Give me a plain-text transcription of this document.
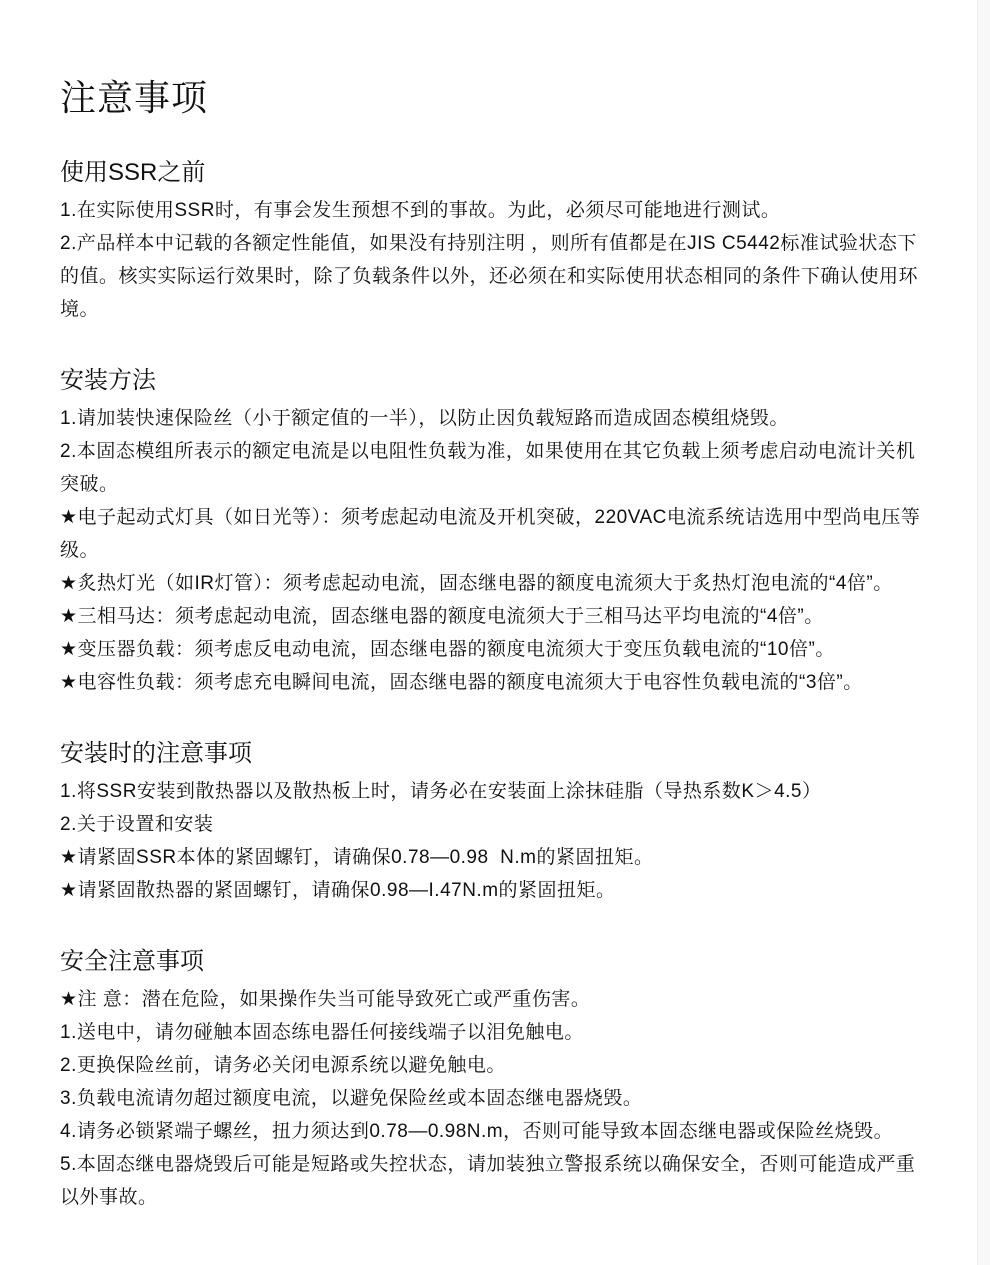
注意事项
使用SSR之前

1.在实际使用SSR时，有事会发生预想不到的事故。为此，必须尽可能地进行测试。

2.产品样本中记载的各额定性能值，如果没有持别注明 ，则所有值都是在JIS C5442标准试验状态下的值。核实实际运行效果时，除了负载条件以外，还必须在和实际使用状态相同的条件下确认使用环境。

安装方法

1.请加装快速保险丝（小于额定值的一半），以防止因负载短路而造成固态模组烧毁。

2.本固态模组所表示的额定电流是以电阻性负载为准，如果使用在其它负载上须考虑启动电流计关机突破。

★电子起动式灯具（如日光等）：须考虑起动电流及开机突破，220VAC电流系统诘选用中型尚电压等级。

★炙热灯光（如IR灯管）：须考虑起动电流，固态继电器的额度电流须大于炙热灯泡电流的“4倍”。

★三相马达：须考虑起动电流，固态继电器的额度电流须大于三相马达平均电流的“4倍”。

★变压器负载：须考虑反电动电流，固态继电器的额度电流须大于变压负载电流的“10倍”。

★电容性负载：须考虑充电瞬间电流，固态继电器的额度电流须大于电容性负载电流的“3倍”。

安装时的注意事项

1.将SSR安装到散热器以及散热板上时，请务必在安装面上涂抹硅脂（导热系数K＞4.5）

2.关于设置和安装

★请紧固SSR本体的紧固螺钉，请确保0.78—0.98  N.m的紧固扭矩。

★请紧固散热器的紧固螺钉，请确保0.98—I.47N.m的紧固扭矩。

安全注意事项

★注 意：潜在危险，如果操作失当可能导致死亡或严重伤害。

1.送电中，请勿碰触本固态练电器任何接线端子以泪免触电。

2.更换保险丝前，请务必关闭电源系统以避免触电。

3.负载电流请勿超过额度电流，以避免保险丝或本固态继电器烧毁。

4.请务必锁紧端子螺丝，扭力须达到0.78—0.98N.m，否则可能导致本固态继电器或保险丝烧毁。

5.本固态继电器烧毁后可能是短路或失控状态，请加装独立警报系统以确保安全，否则可能造成严重以外事故。
